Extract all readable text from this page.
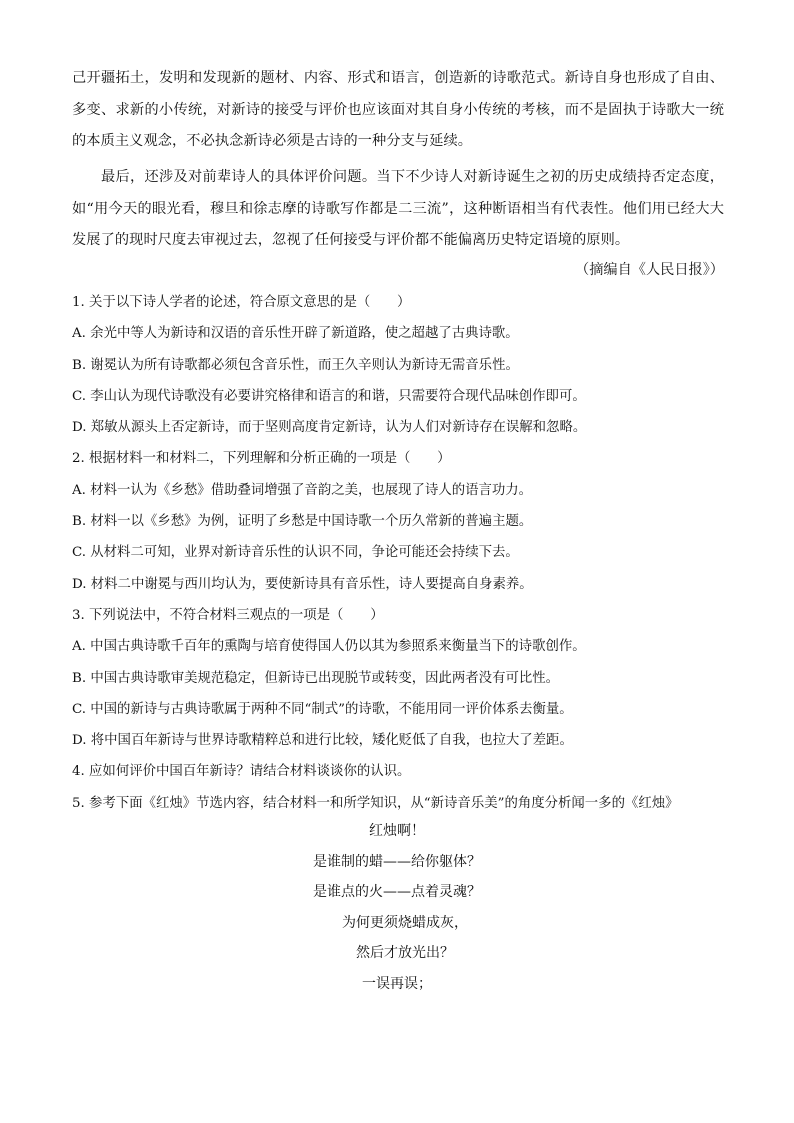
己开疆拓土，发明和发现新的题材、内容、形式和语言，创造新的诗歌范式。新诗自身也形成了自由、多变、求新的小传统，对新诗的接受与评价也应该面对其自身小传统的考核，而不是固执于诗歌大一统的本质主义观念，不必执念新诗必须是古诗的一种分支与延续。

最后，还涉及对前辈诗人的具体评价问题。当下不少诗人对新诗诞生之初的历史成绩持否定态度，如“用今天的眼光看，穆旦和徐志摩的诗歌写作都是二三流”，这种断语相当有代表性。他们用已经大大发展了的现时尺度去审视过去，忽视了任何接受与评价都不能偏离历史特定语境的原则。

（摘编自《人民日报》）

1. 关于以下诗人学者的论述，符合原文意思的是（　　）
A. 余光中等人为新诗和汉语的音乐性开辟了新道路，使之超越了古典诗歌。
B. 谢冕认为所有诗歌都必须包含音乐性，而王久辛则认为新诗无需音乐性。
C. 李山认为现代诗歌没有必要讲究格律和语言的和谐，只需要符合现代品味创作即可。
D. 郑敏从源头上否定新诗，而于坚则高度肯定新诗，认为人们对新诗存在误解和忽略。
2. 根据材料一和材料二，下列理解和分析正确的一项是（　　）
A. 材料一认为《乡愁》借助叠词增强了音韵之美，也展现了诗人的语言功力。
B. 材料一以《乡愁》为例，证明了乡愁是中国诗歌一个历久常新的普遍主题。
C. 从材料二可知，业界对新诗音乐性的认识不同，争论可能还会持续下去。
D. 材料二中谢冕与西川均认为，要使新诗具有音乐性，诗人要提高自身素养。
3. 下列说法中，不符合材料三观点的一项是（　　）
A. 中国古典诗歌千百年的熏陶与培育使得国人仍以其为参照系来衡量当下的诗歌创作。
B. 中国古典诗歌审美规范稳定，但新诗已出现脱节或转变，因此两者没有可比性。
C. 中国的新诗与古典诗歌属于两种不同“制式”的诗歌，不能用同一评价体系去衡量。
D. 将中国百年新诗与世界诗歌精粹总和进行比较，矮化贬低了自我，也拉大了差距。
4. 应如何评价中国百年新诗？请结合材料谈谈你的认识。
5. 参考下面《红烛》节选内容，结合材料一和所学知识，从“新诗音乐美”的角度分析闻一多的《红烛》
红烛啊！
是谁制的蜡——给你躯体？
是谁点的火——点着灵魂？
为何更须烧蜡成灰，
然后才放光出？
一误再误；
